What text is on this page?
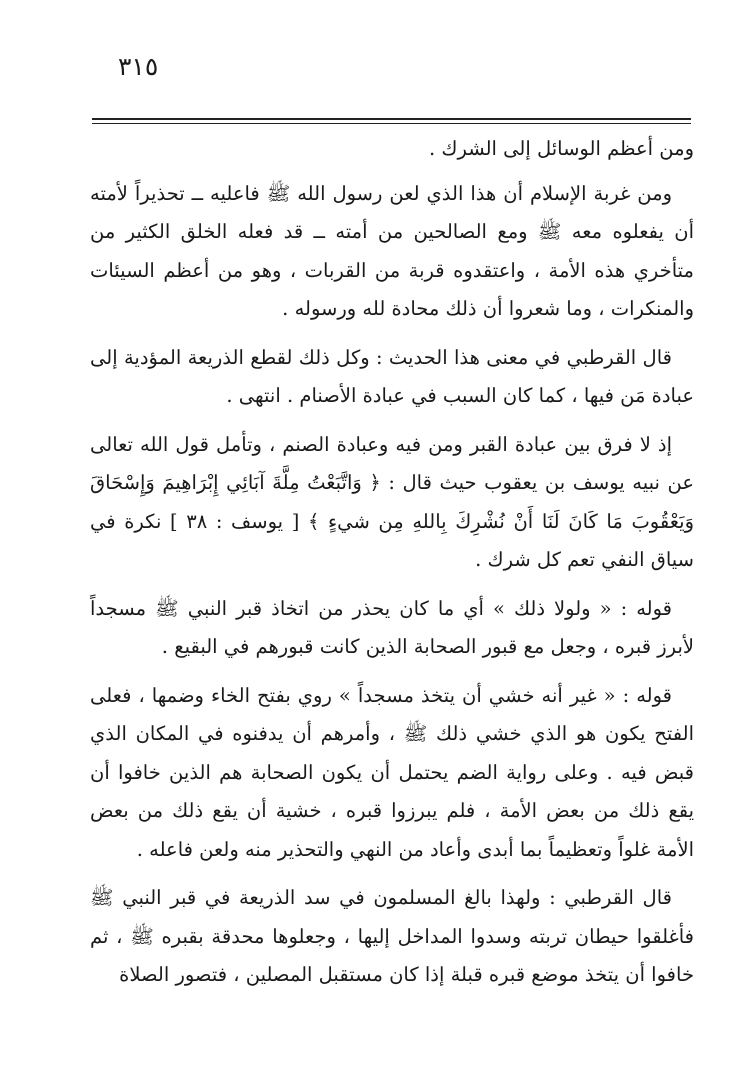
٣١٥

ومن أعظم الوسائل إلى الشرك .

ومن غربة الإسلام أن هذا الذي لعن رسول الله ﷺ فاعليه ــ تحذيراً لأمته أن يفعلوه معه ﷺ ومع الصالحين من أمته ــ قد فعله الخلق الكثير من متأخري هذه الأمة ، واعتقدوه قربة من القربات ، وهو من أعظم السيئات والمنكرات ، وما شعروا أن ذلك محادة لله ورسوله .

قال القرطبي في معنى هذا الحديث : وكل ذلك لقطع الذريعة المؤدية إلى عبادة مَن فيها ، كما كان السبب في عبادة الأصنام . انتهى .

إذ لا فرق بين عبادة القبر ومن فيه وعبادة الصنم ، وتأمل قول الله تعالى عن نبيه يوسف بن يعقوب حيث قال : ﴿ وَاتَّبَعْتُ مِلَّةَ آبَائِي إِبْرَاهِيمَ وَإِسْحَاقَ وَيَعْقُوبَ مَا كَانَ لَنَا أَنْ نُشْرِكَ بِاللهِ مِن شيءٍ ﴾ [ يوسف : ٣٨ ] نكرة في سياق النفي تعم كل شرك .

قوله : « ولولا ذلك » أي ما كان يحذر من اتخاذ قبر النبي ﷺ مسجداً لأبرز قبره ، وجعل مع قبور الصحابة الذين كانت قبورهم في البقيع .

قوله : « غير أنه خشي أن يتخذ مسجداً » روي بفتح الخاء وضمها ، فعلى الفتح يكون هو الذي خشي ذلك ﷺ ، وأمرهم أن يدفنوه في المكان الذي قبض فيه . وعلى رواية الضم يحتمل أن يكون الصحابة هم الذين خافوا أن يقع ذلك من بعض الأمة ، فلم يبرزوا قبره ، خشية أن يقع ذلك من بعض الأمة غلواً وتعظيماً بما أبدى وأعاد من النهي والتحذير منه ولعن فاعله .

قال القرطبي : ولهذا بالغ المسلمون في سد الذريعة في قبر النبي ﷺ فأغلقوا حيطان تربته وسدوا المداخل إليها ، وجعلوها محدقة بقبره ﷺ ، ثم خافوا أن يتخذ موضع قبره قبلة إذا كان مستقبل المصلين ، فتصور الصلاة
